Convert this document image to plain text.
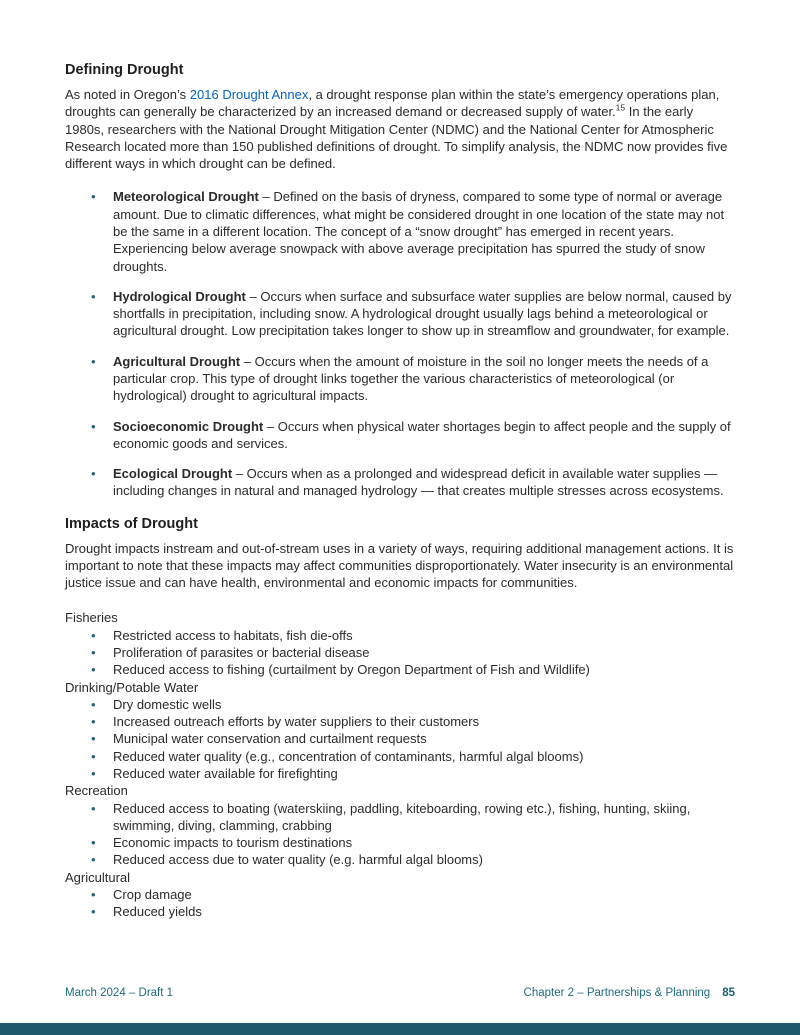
Defining Drought

As noted in Oregon’s 2016 Drought Annex, a drought response plan within the state’s emergency operations plan, droughts can generally be characterized by an increased demand or decreased supply of water.$^{15}$ In the early 1980s, researchers with the National Drought Mitigation Center (NDMC) and the National Center for Atmospheric Research located more than 150 published definitions of drought. To simplify analysis, the NDMC now provides five different ways in which drought can be defined.

• Meteorological Drought – Defined on the basis of dryness, compared to some type of normal or average amount. Due to climatic differences, what might be considered drought in one location of the state may not be the same in a different location. The concept of a “snow drought” has emerged in recent years. Experiencing below average snowpack with above average precipitation has spurred the study of snow droughts.
• Hydrological Drought – Occurs when surface and subsurface water supplies are below normal, caused by shortfalls in precipitation, including snow. A hydrological drought usually lags behind a meteorological or agricultural drought. Low precipitation takes longer to show up in streamflow and groundwater, for example.
• Agricultural Drought – Occurs when the amount of moisture in the soil no longer meets the needs of a particular crop. This type of drought links together the various characteristics of meteorological (or hydrological) drought to agricultural impacts.
• Socioeconomic Drought – Occurs when physical water shortages begin to affect people and the supply of economic goods and services.
• Ecological Drought – Occurs when as a prolonged and widespread deficit in available water supplies — including changes in natural and managed hydrology — that creates multiple stresses across ecosystems.
Impacts of Drought

Drought impacts instream and out-of-stream uses in a variety of ways, requiring additional management actions. It is important to note that these impacts may affect communities disproportionately. Water insecurity is an environmental justice issue and can have health, environmental and economic impacts for communities.

Fisheries
• Restricted access to habitats, fish die-offs
• Proliferation of parasites or bacterial disease
• Reduced access to fishing (curtailment by Oregon Department of Fish and Wildlife)
Drinking/Potable Water
• Dry domestic wells
• Increased outreach efforts by water suppliers to their customers
• Municipal water conservation and curtailment requests
• Reduced water quality (e.g., concentration of contaminants, harmful algal blooms)
• Reduced water available for firefighting
Recreation
• Reduced access to boating (waterskiing, paddling, kiteboarding, rowing etc.), fishing, hunting, skiing, swimming, diving, clamming, crabbing
• Economic impacts to tourism destinations
• Reduced access due to water quality (e.g. harmful algal blooms)
Agricultural
• Crop damage
• Reduced yields
March 2024 – Draft 1	Chapter 2 – Partnerships & Planning 85
